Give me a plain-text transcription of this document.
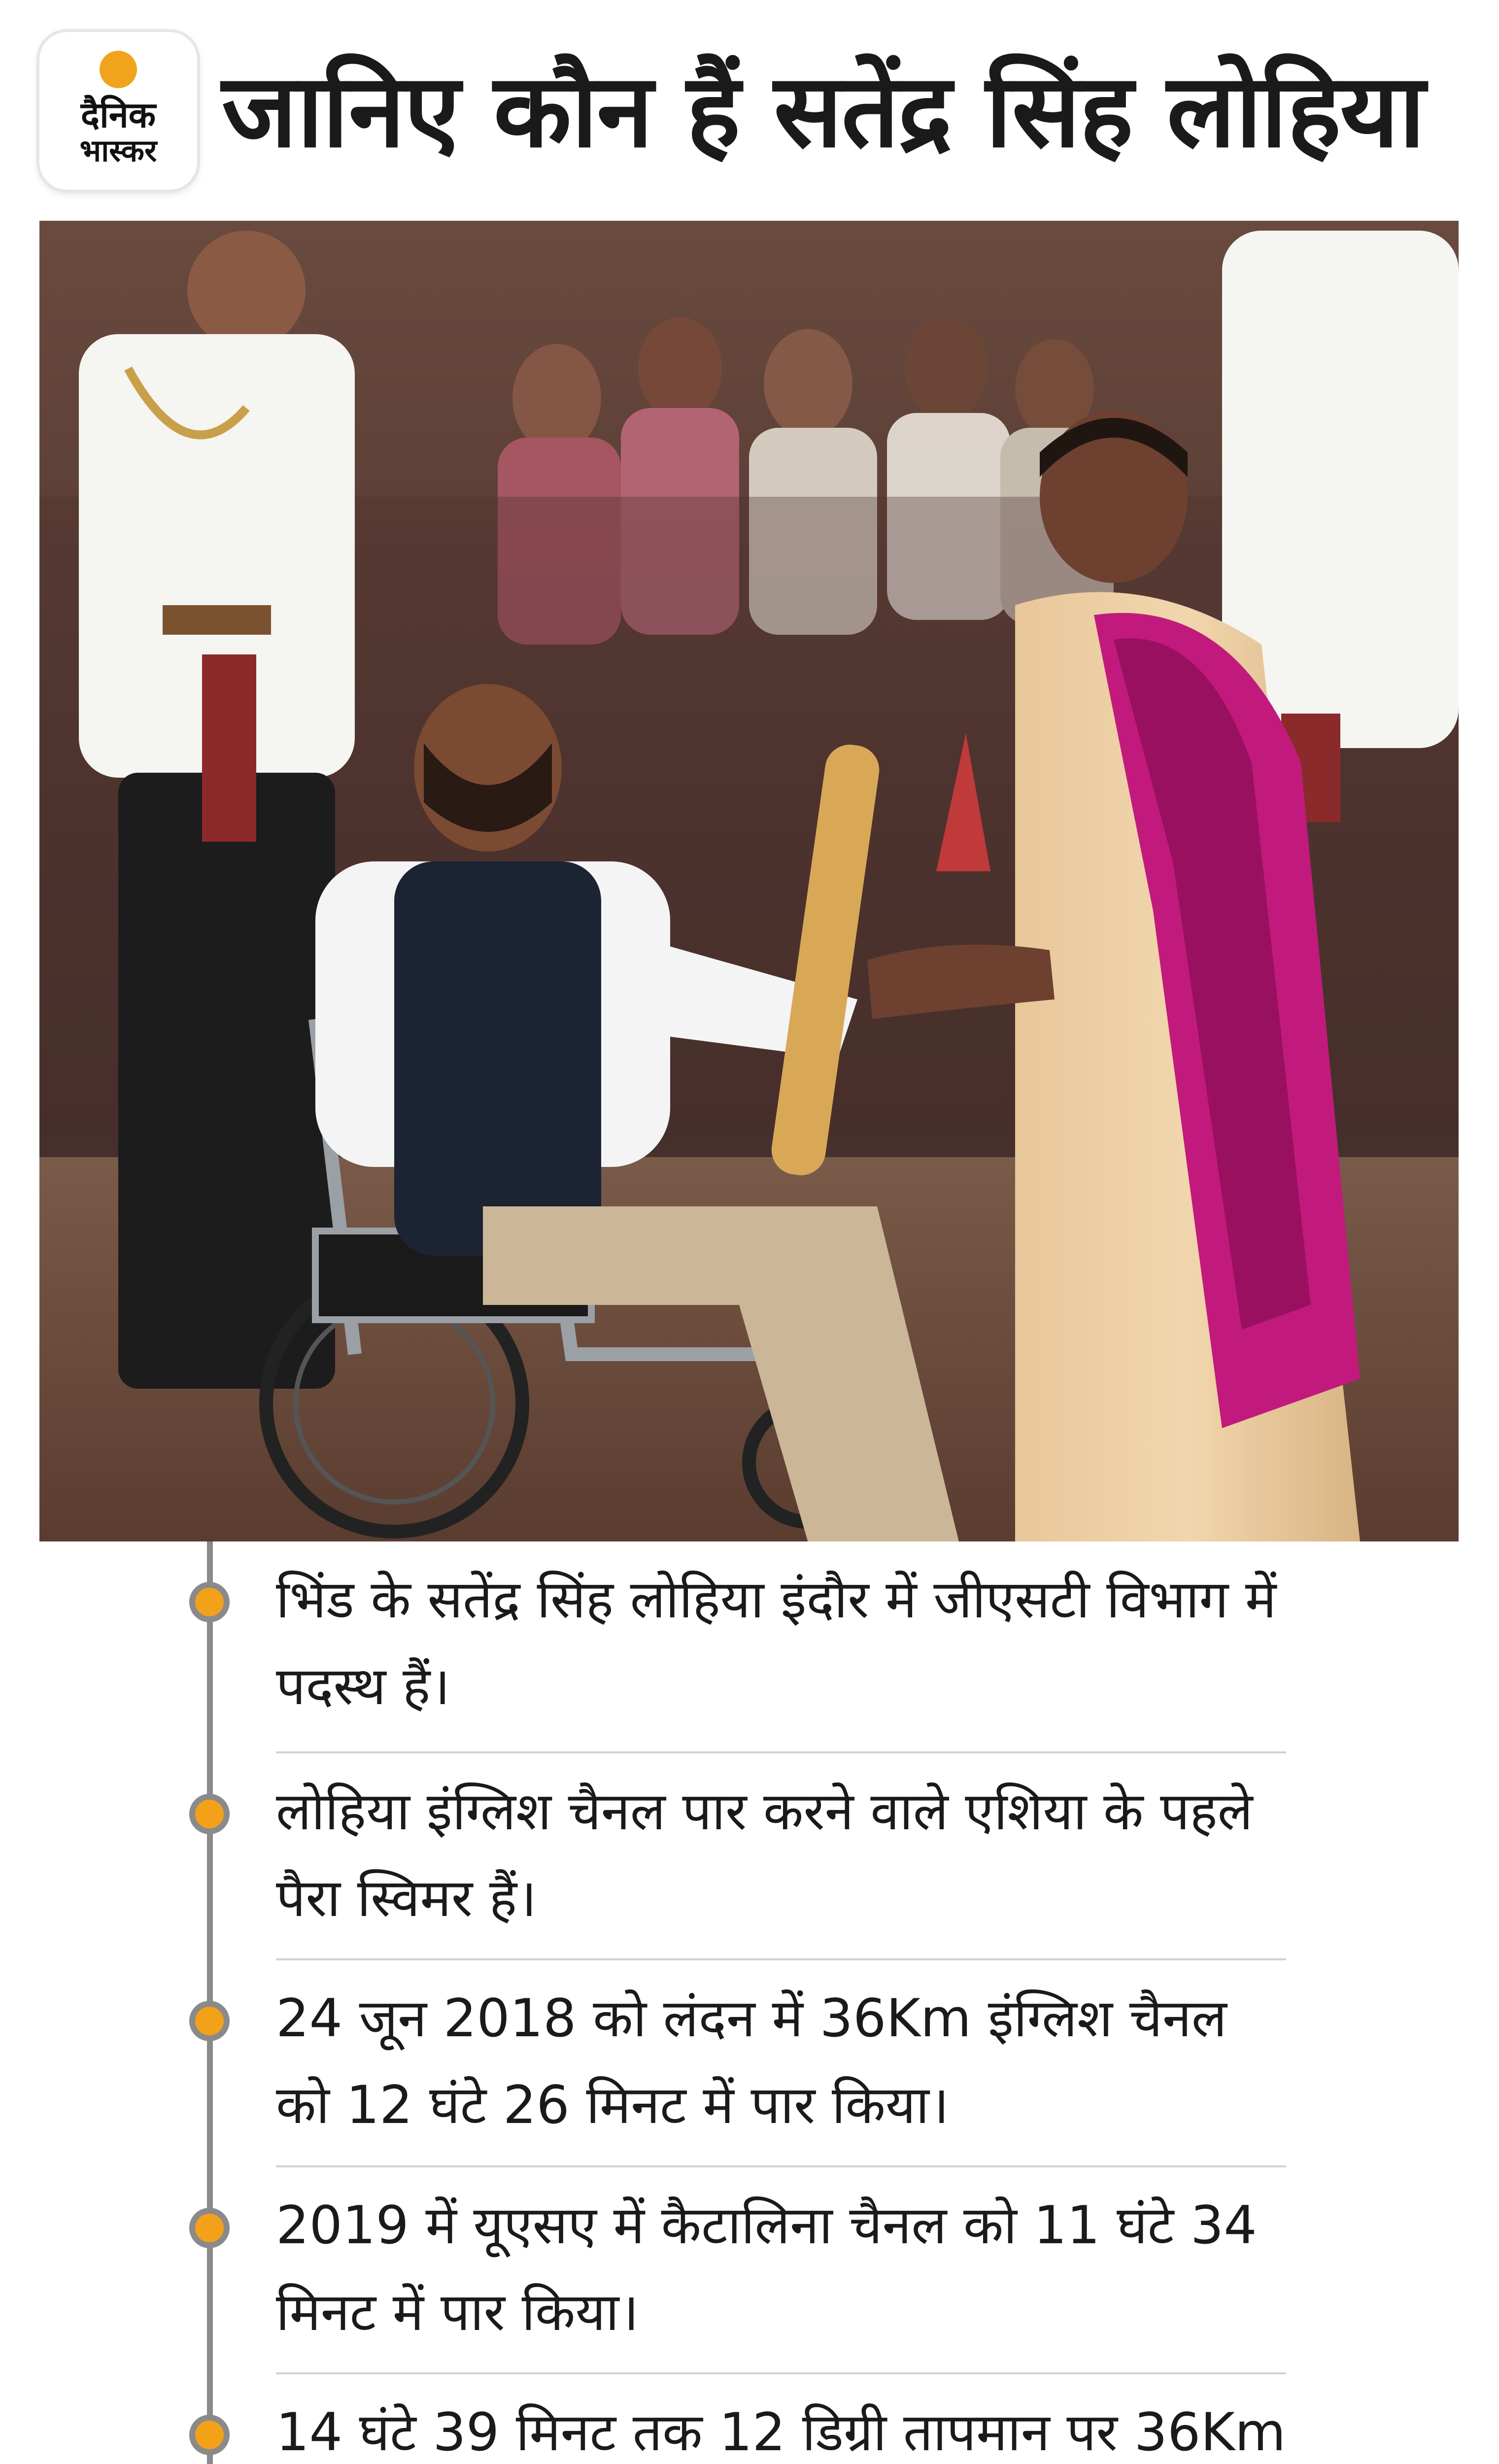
दैनिक
भास्कर जानिए कौन हैं सतेंद्र सिंह लोहिया
भिंड के सतेंद्र सिंह लोहिया इंदौर में जीएसटी विभाग में पदस्थ हैं।
लोहिया इंग्लिश चैनल पार करने वाले एशिया के पहले पैरा स्विमर हैं।
24 जून 2018 को लंदन में 36Km इंग्लिश चैनल को 12 घंटे 26 मिनट में पार किया।
2019 में यूएसए में कैटालिना चैनल को 11 घंटे 34 मिनट में पार किया।
14 घंटे 39 मिनट तक 12 डिग्री तापमान पर 36Km
